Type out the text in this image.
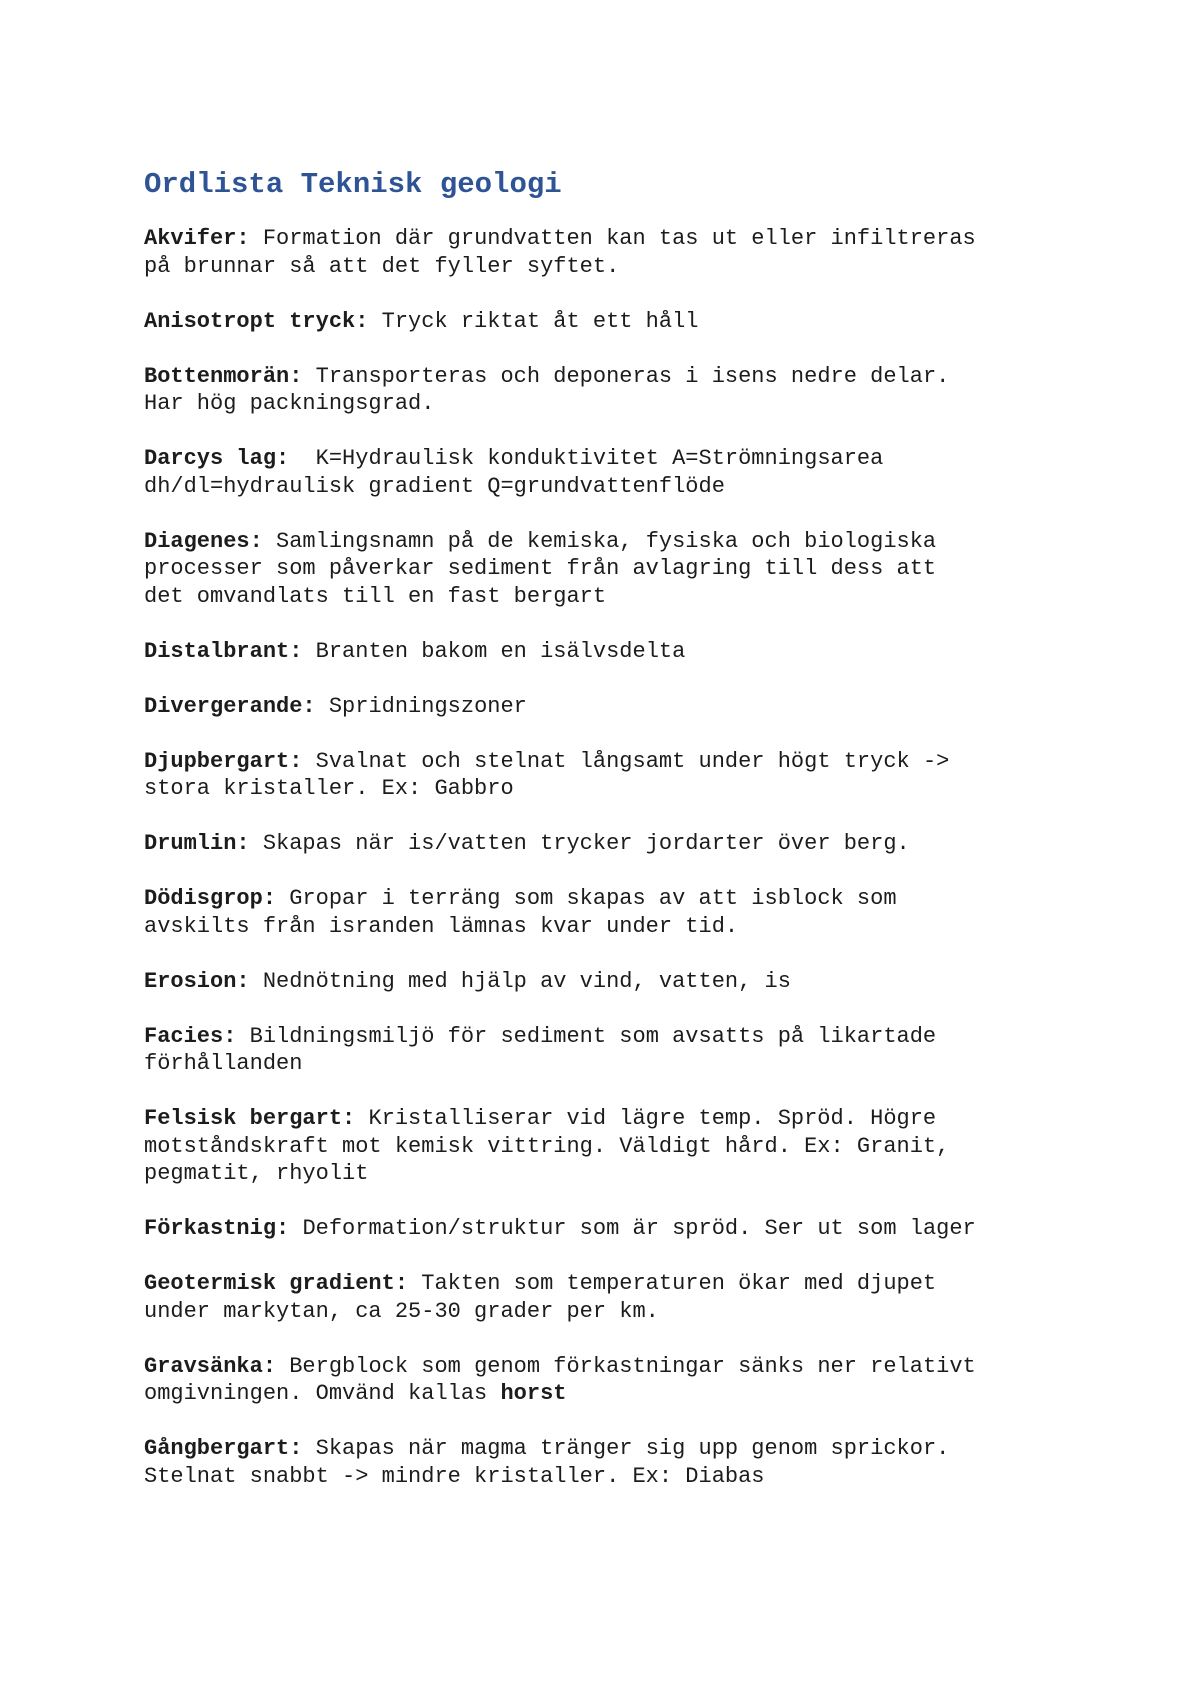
Ordlista Teknisk geologi

Akvifer: Formation där grundvatten kan tas ut eller infiltreras
på brunnar så att det fyller syftet.

Anisotropt tryck: Tryck riktat åt ett håll

Bottenmorän: Transporteras och deponeras i isens nedre delar.
Har hög packningsgrad.

Darcys lag:  K=Hydraulisk konduktivitet A=Strömningsarea
dh/dl=hydraulisk gradient Q=grundvattenflöde

Diagenes: Samlingsnamn på de kemiska, fysiska och biologiska
processer som påverkar sediment från avlagring till dess att
det omvandlats till en fast bergart

Distalbrant: Branten bakom en isälvsdelta

Divergerande: Spridningszoner

Djupbergart: Svalnat och stelnat långsamt under högt tryck ->
stora kristaller. Ex: Gabbro

Drumlin: Skapas när is/vatten trycker jordarter över berg.

Dödisgrop: Gropar i terräng som skapas av att isblock som
avskilts från isranden lämnas kvar under tid.

Erosion: Nednötning med hjälp av vind, vatten, is

Facies: Bildningsmiljö för sediment som avsatts på likartade
förhållanden

Felsisk bergart: Kristalliserar vid lägre temp. Spröd. Högre
motståndskraft mot kemisk vittring. Väldigt hård. Ex: Granit,
pegmatit, rhyolit

Förkastnig: Deformation/struktur som är spröd. Ser ut som lager

Geotermisk gradient: Takten som temperaturen ökar med djupet
under markytan, ca 25-30 grader per km.

Gravsänka: Bergblock som genom förkastningar sänks ner relativt
omgivningen. Omvänd kallas horst

Gångbergart: Skapas när magma tränger sig upp genom sprickor.
Stelnat snabbt -> mindre kristaller. Ex: Diabas
